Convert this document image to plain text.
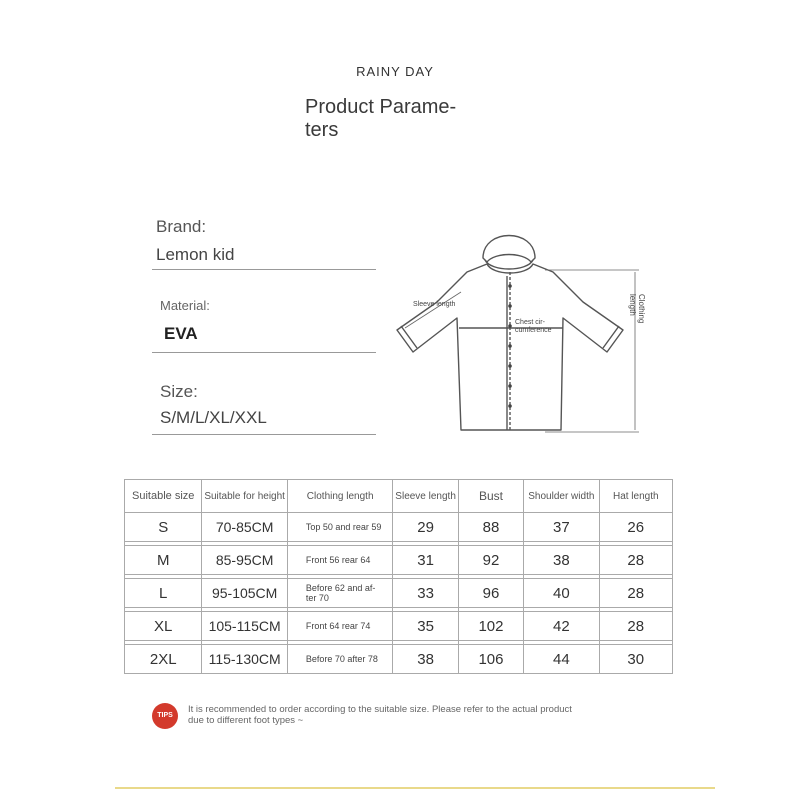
RAINY DAY
Product Parame-
ters
Brand:
Lemon kid
Material:
EVA
Size:
S/M/L/XL/XXL
Sleeve length
Chest cir-
cumference
Clothing
length
Suitable size	Suitable for height	Clothing length	Sleeve length	Bust	Shoulder width	Hat length
S	70-85CM	Top 50 and rear 59	29	88	37	26

M	85-95CM	Front 56 rear 64	31	92	38	28

L	95-105CM	Before 62 and af-
ter 70	33	96	40	28

XL	105-115CM	Front 64 rear 74	35	102	42	28

2XL	115-130CM	Before 70 after 78	38	106	44	30
TIPS
It is recommended to order according to the suitable size. Please refer to the actual product
due to different foot types ~
